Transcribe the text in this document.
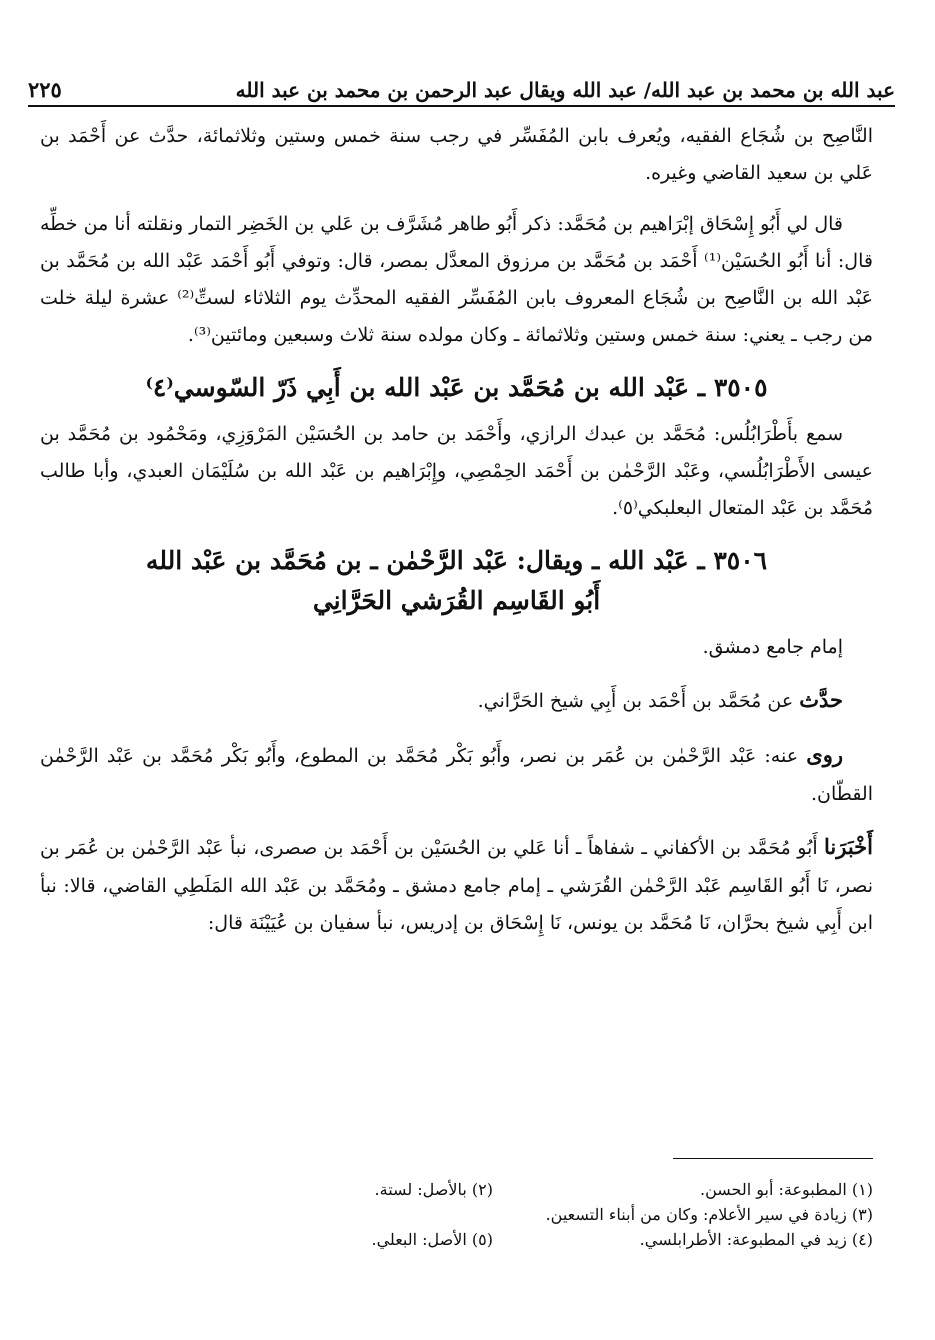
عبد الله بن محمد بن عبد الله/ عبد الله ويقال عبد الرحمن بن محمد بن عبد الله
٢٢٥

النَّاصِح بن شُجَاع الفقيه، ويُعرف بابن المُفَسِّر في رجب سنة خمس وستين وثلاثمائة، حدَّث عن أَحْمَد بن عَلي بن سعيد القاضي وغيره.

قال لي أَبُو إِسْحَاق إبْرَاهيم بن مُحَمَّد: ذكر أَبُو طاهر مُشَرَّف بن عَلي بن الخَضِر التمار ونقلته أنا من خطِّه قال: أنا أَبُو الحُسَيْن⁽¹⁾ أَحْمَد بن مُحَمَّد بن مرزوق المعدَّل بمصر، قال: وتوفي أَبُو أَحْمَد عَبْد الله بن مُحَمَّد بن عَبْد الله بن النَّاصِح بن شُجَاع المعروف بابن المُفَسِّر الفقيه المحدِّث يوم الثلاثاء لستِّ⁽²⁾ عشرة ليلة خلت من رجب ـ يعني: سنة خمس وستين وثلاثمائة ـ وكان مولده سنة ثلاث وسبعين ومائتين⁽³⁾.

٣٥٠٥ ـ عَبْد الله بن مُحَمَّد بن عَبْد الله بن أَبِي ذَرّ السّوسي⁽٤⁾

سمع بأَطْرَابُلُس: مُحَمَّد بن عبدك الرازي، وأَحْمَد بن حامد بن الحُسَيْن المَرْوَزِي، ومَحْمُود بن مُحَمَّد بن عيسى الأَطْرَابُلُسي، وعَبْد الرَّحْمٰن بن أَحْمَد الحِمْصِي، وإِبْرَاهيم بن عَبْد الله بن سُلَيْمَان العبدي، وأبا طالب مُحَمَّد بن عَبْد المتعال البعلبكي⁽٥⁾.

٣٥٠٦ ـ عَبْد الله ـ ويقال: عَبْد الرَّحْمٰن ـ بن مُحَمَّد بن عَبْد الله
أَبُو القَاسِم القُرَشي الحَرَّانِي

إمام جامع دمشق.

حدَّث عن مُحَمَّد بن أَحْمَد بن أَبِي شيخ الحَرَّاني.

روى عنه: عَبْد الرَّحْمٰن بن عُمَر بن نصر، وأَبُو بَكْر مُحَمَّد بن المطوع، وأَبُو بَكْر مُحَمَّد بن عَبْد الرَّحْمٰن القطّان.

أَخْبَرَنا أَبُو مُحَمَّد بن الأكفاني ـ شفاهاً ـ أنا عَلي بن الحُسَيْن بن أَحْمَد بن صصرى، نبأ عَبْد الرَّحْمٰن بن عُمَر بن نصر، نَا أَبُو القَاسِم عَبْد الرَّحْمٰن القُرَشي ـ إمام جامع دمشق ـ ومُحَمَّد بن عَبْد الله المَلَطِي القاضي، قالا: نبأ ابن أَبِي شيخ بحرَّان، نَا مُحَمَّد بن يونس، نَا إِسْحَاق بن إدريس، نبأ سفيان بن عُيَيْنَة قال:

(١) المطبوعة: أبو الحسن.
(٢) بالأصل: لستة.
(٣) زيادة في سير الأعلام: وكان من أبناء التسعين.
(٤) زيد في المطبوعة: الأطرابلسي.
(٥) الأصل: البعلي.
